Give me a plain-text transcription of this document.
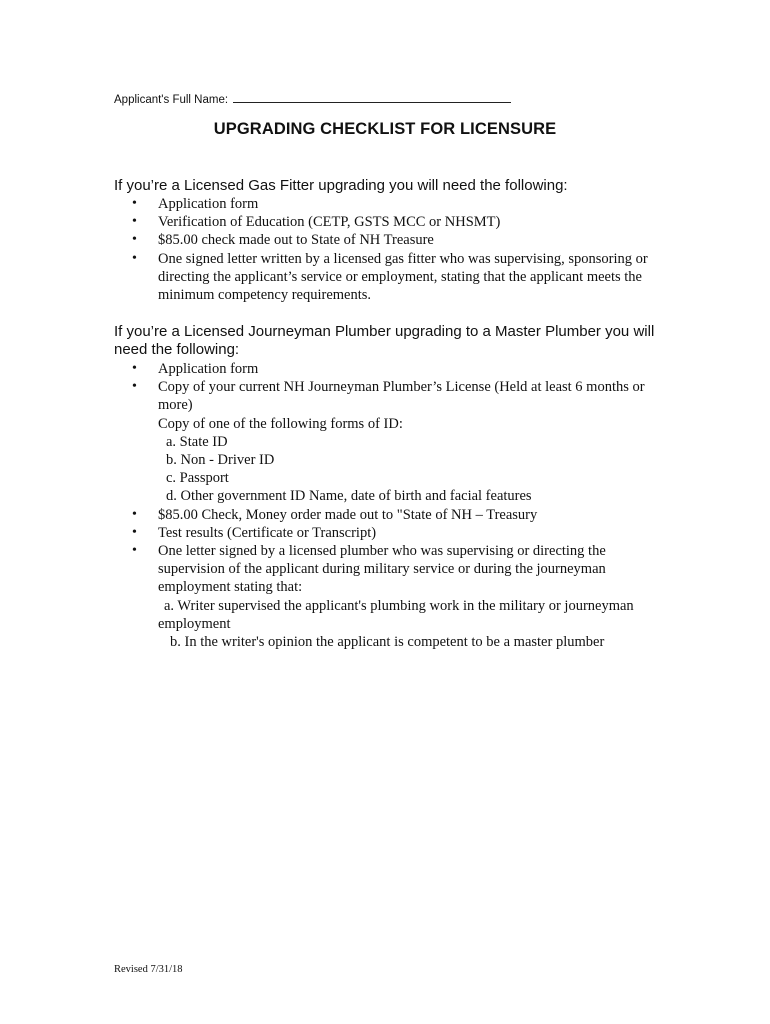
Applicant's Full Name:
UPGRADING CHECKLIST FOR LICENSURE
If you’re a Licensed Gas Fitter upgrading you will need the following:
• Application form
• Verification of Education (CETP, GSTS MCC or NHSMT)
• $85.00 check made out to State of NH Treasure
• One signed letter written by a licensed gas fitter who was supervising, sponsoring or directing the applicant’s service or employment, stating that the applicant meets the minimum competency requirements.
If you’re a Licensed Journeyman Plumber upgrading to a Master Plumber you will need the following:
• Application form
• Copy of your current NH Journeyman Plumber’s License (Held at least 6 months or more)
Copy of one of the following forms of ID:
a. State ID
b. Non - Driver ID
c. Passport
d. Other government ID Name, date of birth and facial features
• $85.00 Check, Money order made out to "State of NH – Treasury
• Test results (Certificate or Transcript)
• One letter signed by a licensed plumber who was supervising or directing the supervision of the applicant during military service or during the journeyman employment stating that:
a. Writer supervised the applicant's plumbing work in the military or journeyman employment
b. In the writer's opinion the applicant is competent to be a master plumber
Revised 7/31/18
